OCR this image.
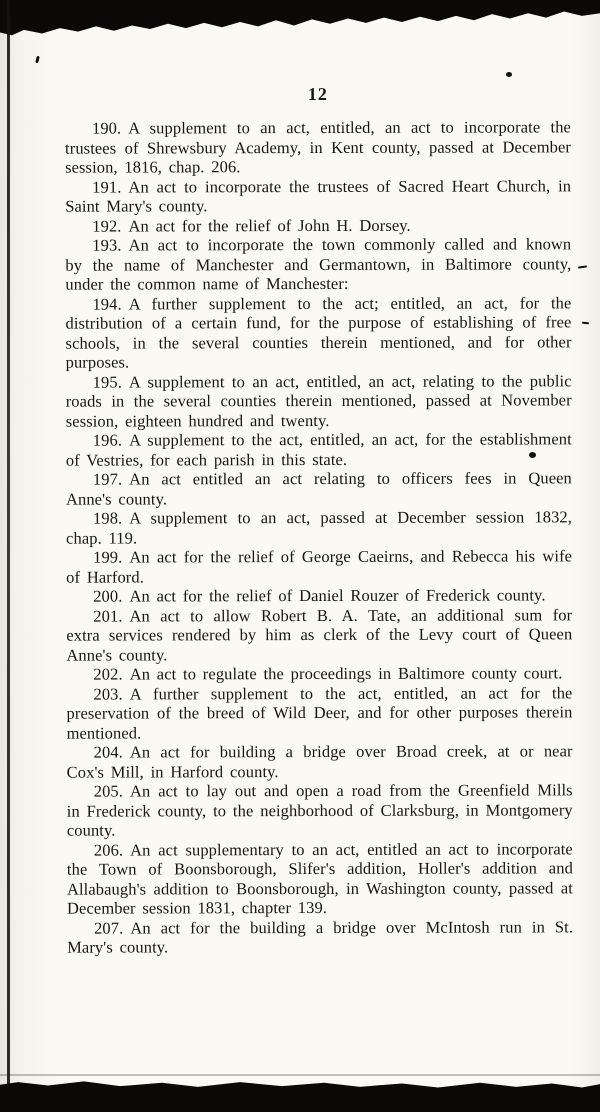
12

190. A supplement to an act, entitled, an act to incorporate the trustees of Shrewsbury Academy, in Kent county, passed at December session, 1816, chap. 206.

191. An act to incorporate the trustees of Sacred Heart Church, in Saint Mary's county.

192. An act for the relief of John H. Dorsey.

193. An act to incorporate the town commonly called and known by the name of Manchester and Germantown, in Baltimore county, under the common name of Manchester:

194. A further supplement to the act; entitled, an act, for the distribution of a certain fund, for the purpose of establishing of free schools, in the several counties therein mentioned, and for other purposes.

195. A supplement to an act, entitled, an act, relating to the public roads in the several counties therein mentioned, passed at November session, eighteen hundred and twenty.

196. A supplement to the act, entitled, an act, for the establishment of Vestries, for each parish in this state.

197. An act entitled an act relating to officers fees in Queen Anne's county.

198. A supplement to an act, passed at December session 1832, chap. 119.

199. An act for the relief of George Caeirns, and Rebecca his wife of Harford.

200. An act for the relief of Daniel Rouzer of Frederick county.

201. An act to allow Robert B. A. Tate, an additional sum for extra services rendered by him as clerk of the Levy court of Queen Anne's county.

202. An act to regulate the proceedings in Baltimore county court.

203. A further supplement to the act, entitled, an act for the preservation of the breed of Wild Deer, and for other purposes therein mentioned.

204. An act for building a bridge over Broad creek, at or near Cox's Mill, in Harford county.

205. An act to lay out and open a road from the Greenfield Mills in Frederick county, to the neighborhood of Clarksburg, in Montgomery county.

206. An act supplementary to an act, entitled an act to incorporate the Town of Boonsborough, Slifer's addition, Holler's addition and Allabaugh's addition to Boonsborough, in Washington county, passed at December session 1831, chapter 139.

207. An act for the building a bridge over McIntosh run in St. Mary's county.
